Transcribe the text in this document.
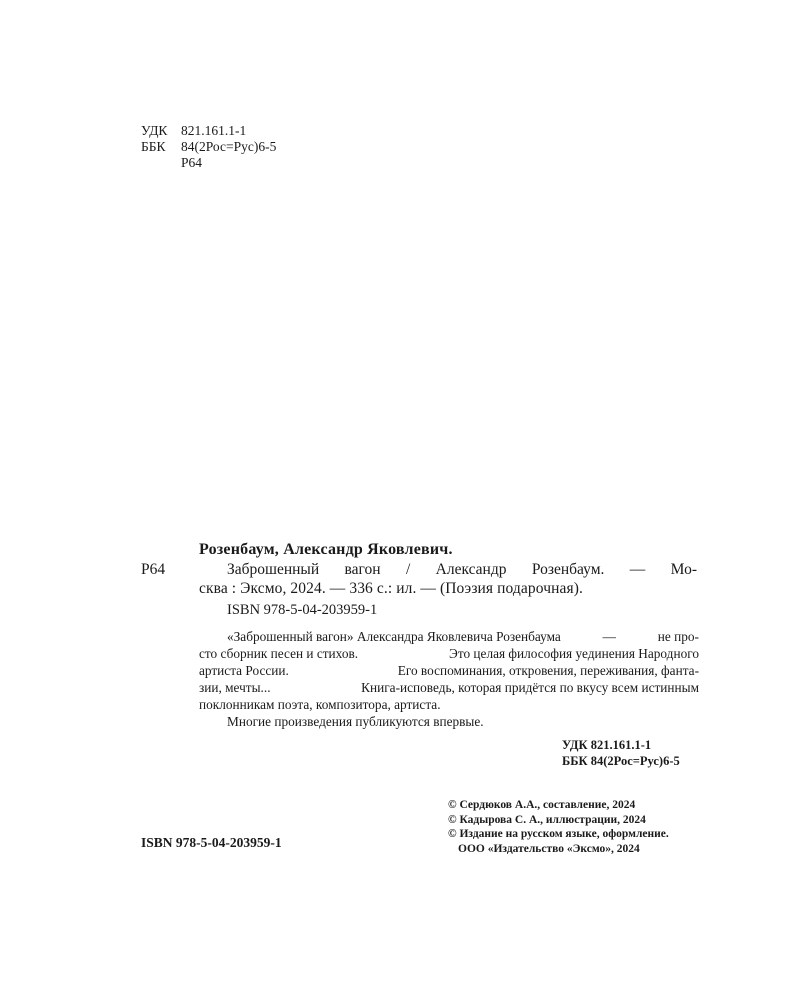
УДК	821.161.1-1
ББК	84(2Рос=Рус)6-5
Р64
Розенбаум, Александр Яковлевич.
Р64	Заброшенный вагон / Александр Розенбаум. — Мо-
сква : Эксмо, 2024. — 336 с.: ил. — (Поэзия подарочная).
ISBN 978-5-04-203959-1
«Заброшенный вагон» Александра Яковлевича Розенбаума	—	не про-
сто сборник песен и стихов.	Это целая философия уединения Народного
артиста России.	Его воспоминания, откровения, переживания, фанта-
зии, мечты...	Книга-исповедь, которая придётся по вкусу всем истинным
поклонникам поэта, композитора, артиста.
Многие произведения публикуются впервые.
УДК 821.161.1-1
ББК 84(2Рос=Рус)6-5
© Сердюков А.А., составление, 2024
© Кадырова С. А., иллюстрации, 2024
© Издание на русском языке, оформление.
ООО «Издательство «Эксмо», 2024
ISBN 978-5-04-203959-1
